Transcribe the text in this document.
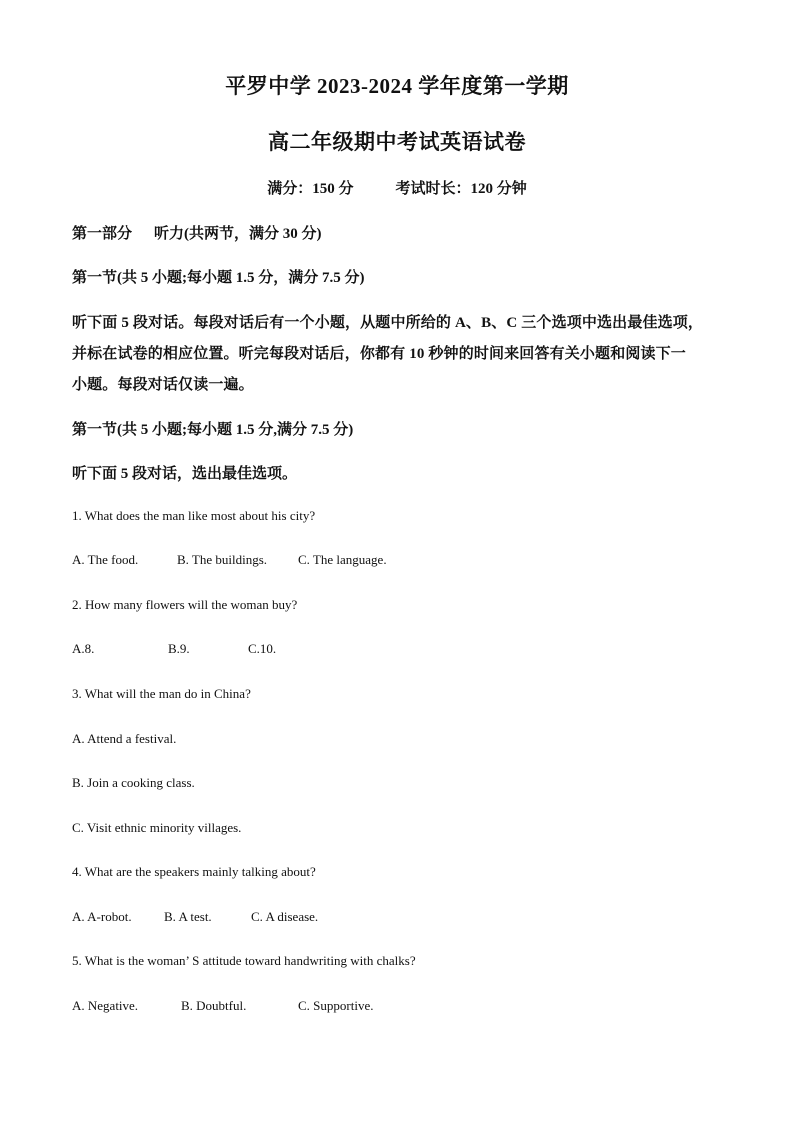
平罗中学 2023-2024 学年度第一学期
高二年级期中考试英语试卷
满分：150 分	考试时长：120 分钟
第一部分 听力(共两节，满分 30 分)
第一节(共 5 小题;每小题 1.5 分，满分 7.5 分)
听下面 5 段对话。每段对话后有一个小题，从题中所给的 A、B、C 三个选项中选出最佳选项，
并标在试卷的相应位置。听完每段对话后，你都有 10 秒钟的时间来回答有关小题和阅读下一
小题。每段对话仅读一遍。
第一节(共 5 小题;每小题 1.5 分,满分 7.5 分)
听下面 5 段对话，选出最佳选项。
1. What does the man like most about his city?
A. The food.	B. The buildings. C. The language.
2. How many flowers will the woman buy?
A.8.	B.9.	C.10.
3. What will the man do in China?
A. Attend a festival.
B. Join a cooking class.
C. Visit ethnic minority villages.
4. What are the speakers mainly talking about?
A. A-robot. B. A test.	C. A disease.
5. What is the woman’ S attitude toward handwriting with chalks?
A. Negative.	B. Doubtful.	C. Supportive.
